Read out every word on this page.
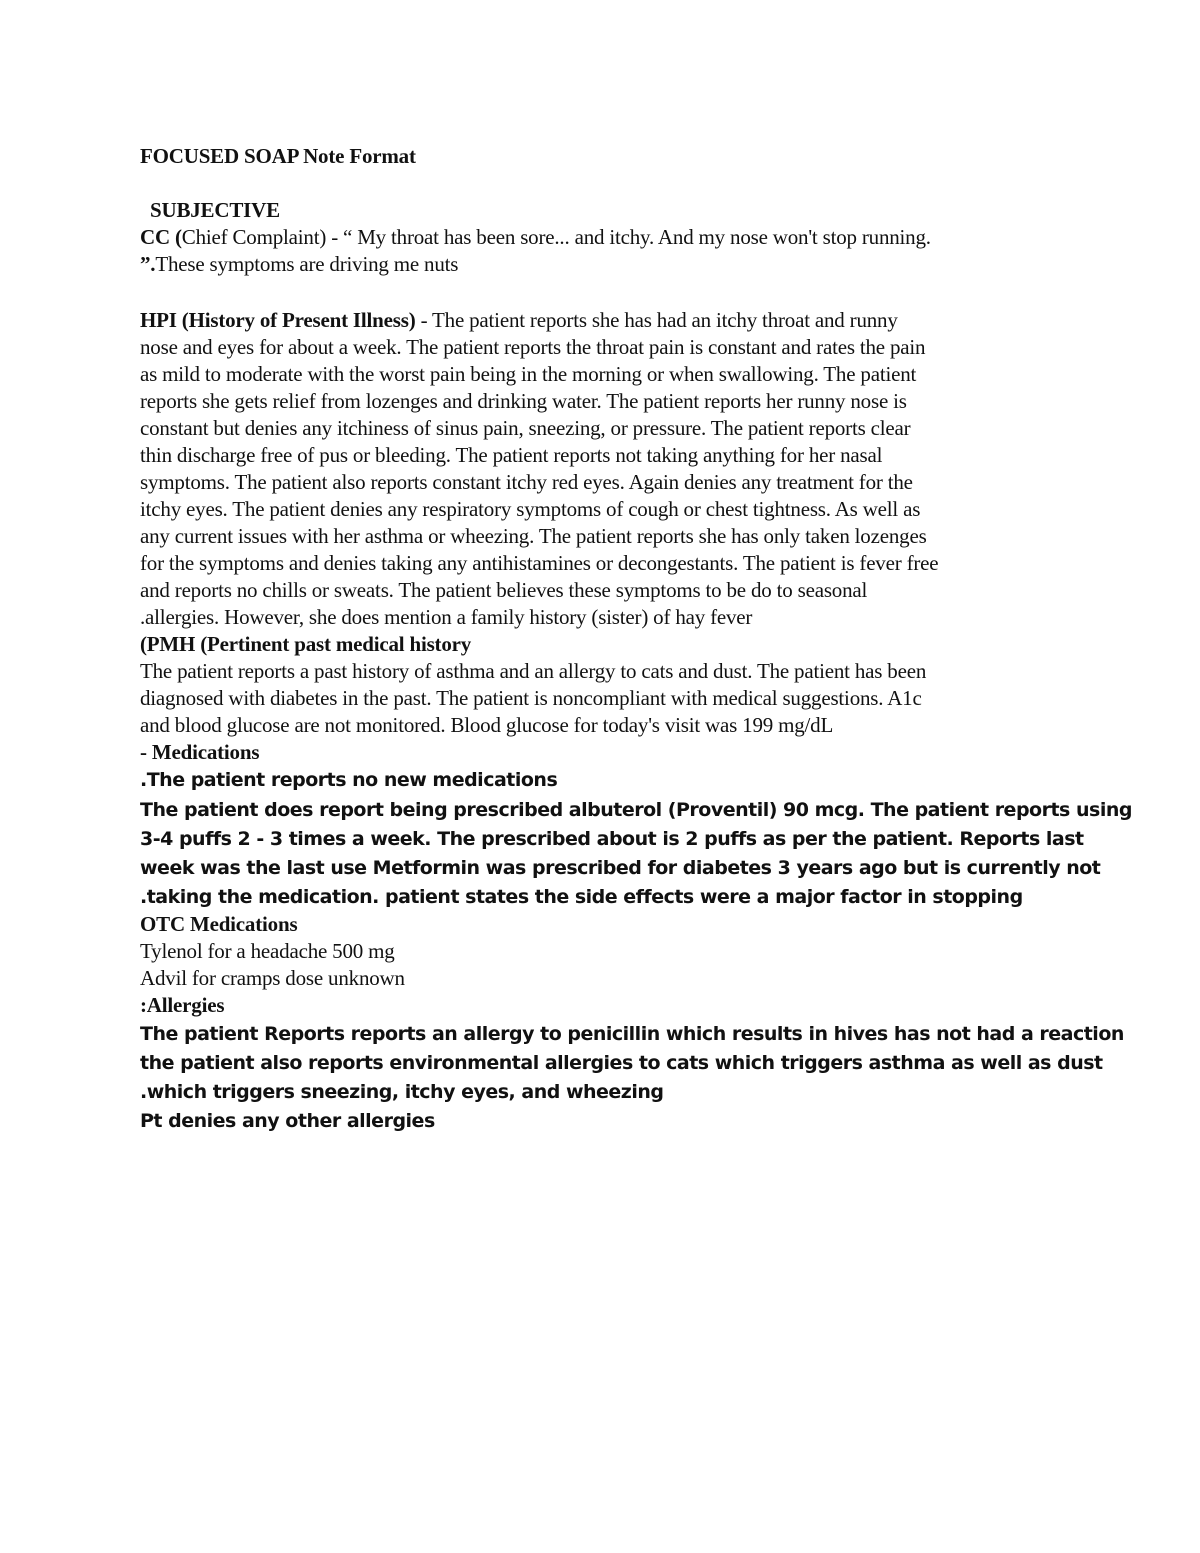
FOCUSED SOAP Note Format
SUBJECTIVE
CC (Chief Complaint) - “ My throat has been sore... and itchy. And my nose won't stop running.
”.These symptoms are driving me nuts
HPI (History of Present Illness) - The patient reports she has had an itchy throat and runny
nose and eyes for about a week. The patient reports the throat pain is constant and rates the pain
as mild to moderate with the worst pain being in the morning or when swallowing. The patient
reports she gets relief from lozenges and drinking water. The patient reports her runny nose is
constant but denies any itchiness of sinus pain, sneezing, or pressure. The patient reports clear
thin discharge free of pus or bleeding. The patient reports not taking anything for her nasal
symptoms. The patient also reports constant itchy red eyes. Again denies any treatment for the
itchy eyes. The patient denies any respiratory symptoms of cough or chest tightness. As well as
any current issues with her asthma or wheezing. The patient reports she has only taken lozenges
for the symptoms and denies taking any antihistamines or decongestants. The patient is fever free
and reports no chills or sweats. The patient believes these symptoms to be do to seasonal
.allergies. However, she does mention a family history (sister) of hay fever
(PMH (Pertinent past medical history
The patient reports a past history of asthma and an allergy to cats and dust. The patient has been
diagnosed with diabetes in the past. The patient is noncompliant with medical suggestions. A1c
and blood glucose are not monitored. Blood glucose for today's visit was 199 mg/dL
- Medications
.The patient reports no new medications
The patient does report being prescribed albuterol (Proventil) 90 mcg. The patient reports using
3-4 puffs 2 - 3 times a week. The prescribed about is 2 puffs as per the patient. Reports last
week was the last use Metformin was prescribed for diabetes 3 years ago but is currently not
.taking the medication. patient states the side effects were a major factor in stopping
OTC Medications
Tylenol for a headache 500 mg
Advil for cramps dose unknown
:Allergies
The patient Reports reports an allergy to penicillin which results in hives has not had a reaction
the patient also reports environmental allergies to cats which triggers asthma as well as dust
.which triggers sneezing, itchy eyes, and wheezing
Pt denies any other allergies
